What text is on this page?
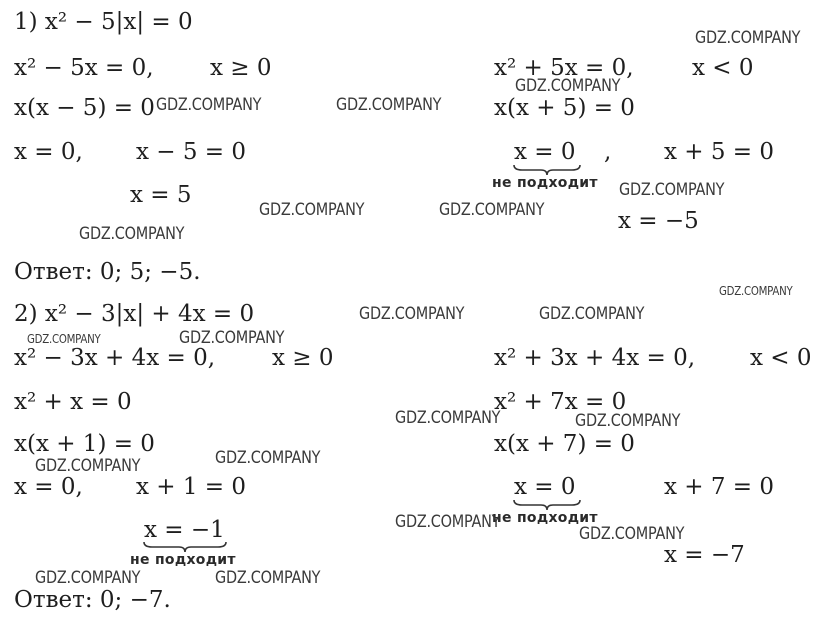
1) x² − 5|x| = 0
x² − 5x = 0, x ≥ 0
x(x − 5) = 0
x = 0, x − 5 = 0
x = 5
x² + 5x = 0,	x < 0
x(x + 5) = 0
x = 0 , x + 5 = 0
не подходит
x = −5
Ответ: 0; 5; −5.
2) x² − 3|x| + 4x = 0
x² − 3x + 4x = 0, x ≥ 0
x² + x = 0
x(x + 1) = 0
x = 0, x + 1 = 0
x = −1
не подходит
x² + 3x + 4x = 0, x < 0
x² + 7x = 0
x(x + 7) = 0
x = 0	x + 7 = 0
не подходит
x = −7
Ответ: 0; −7.
GDZ.COMPANY
GDZ.COMPANY
GDZ.COMPANY	GDZ.COMPANY
GDZ.COMPANY
GDZ.COMPANY	GDZ.COMPANY
GDZ.COMPANY
GDZ.COMPANY
GDZ.COMPANY	GDZ.COMPANY
GDZ.COMPANY	GDZ.COMPANY
GDZ.COMPANY	GDZ.COMPANY
GDZ.COMPANY
GDZ.COMPANY
GDZ.COMPANY
GDZ.COMPANY
GDZ.COMPANY	GDZ.COMPANY
